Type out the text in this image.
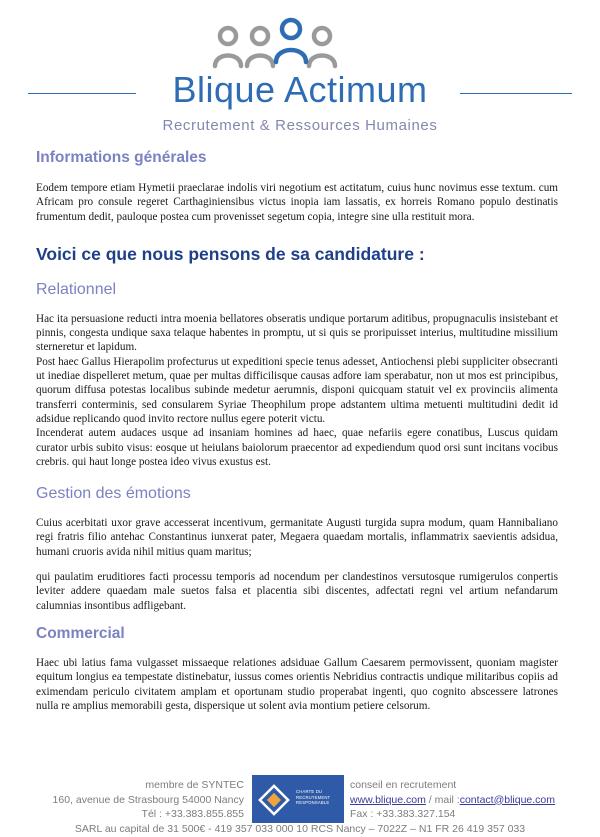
Blique Actimum
Recrutement & Ressources Humaines
Informations générales

Eodem tempore etiam Hymetii praeclarae indolis viri negotium est actitatum, cuius hunc novimus esse textum. cum Africam pro consule regeret Carthaginiensibus victus inopia iam lassatis, ex horreis Romano populo destinatis frumentum dedit, pauloque postea cum provenisset segetum copia, integre sine ulla restituit mora.

Voici ce que nous pensons de sa candidature :
Relationnel

Hac ita persuasione reducti intra moenia bellatores obseratis undique portarum aditibus, propugnaculis insistebant et pinnis, congesta undique saxa telaque habentes in promptu, ut si quis se proripuisset interius, multitudine missilium sterneretur et lapidum.

Post haec Gallus Hierapolim profecturus ut expeditioni specie tenus adesset, Antiochensi plebi suppliciter obsecranti ut inediae dispelleret metum, quae per multas difficilisque causas adfore iam sperabatur, non ut mos est principibus, quorum diffusa potestas localibus subinde medetur aerumnis, disponi quicquam statuit vel ex provinciis alimenta transferri conterminis, sed consularem Syriae Theophilum prope adstantem ultima metuenti multitudini dedit id adsidue replicando quod invito rectore nullus egere poterit victu.

Incenderat autem audaces usque ad insaniam homines ad haec, quae nefariis egere conatibus, Luscus quidam curator urbis subito visus: eosque ut heiulans baiolorum praecentor ad expediendum quod orsi sunt incitans vocibus crebris. qui haut longe postea ideo vivus exustus est.

Gestion des émotions

Cuius acerbitati uxor grave accesserat incentivum, germanitate Augusti turgida supra modum, quam Hannibaliano regi fratris filio antehac Constantinus iunxerat pater, Megaera quaedam mortalis, inflammatrix saevientis adsidua, humani cruoris avida nihil mitius quam maritus;

qui paulatim eruditiores facti processu temporis ad nocendum per clandestinos versutosque rumigerulos conpertis leviter addere quaedam male suetos falsa et placentia sibi discentes, adfectati regni vel artium nefandarum calumnias insontibus adfligebant.

Commercial

Haec ubi latius fama vulgasset missaeque relationes adsiduae Gallum Caesarem permovissent, quoniam magister equitum longius ea tempestate distinebatur, iussus comes orientis Nebridius contractis undique militaribus copiis ad eximendam periculo civitatem amplam et oportunam studio properabat ingenti, quo cognito abscessere latrones nulla re amplius memorabili gesta, dispersique ut solent avia montium petiere celsorum.

membre de SYNTEC
160, avenue de Strasbourg 54000 Nancy
Tél : +33.383.855.855
conseil en recrutement
www.blique.com / mail :contact@blique.com
Fax : +33.383.327.154
CHARTE DU RECRUTEMENT RESPONSABLE
SARL au capital de 31 500€ - 419 357 033 000 10 RCS Nancy – 7022Z – N1 FR 26 419 357 033
